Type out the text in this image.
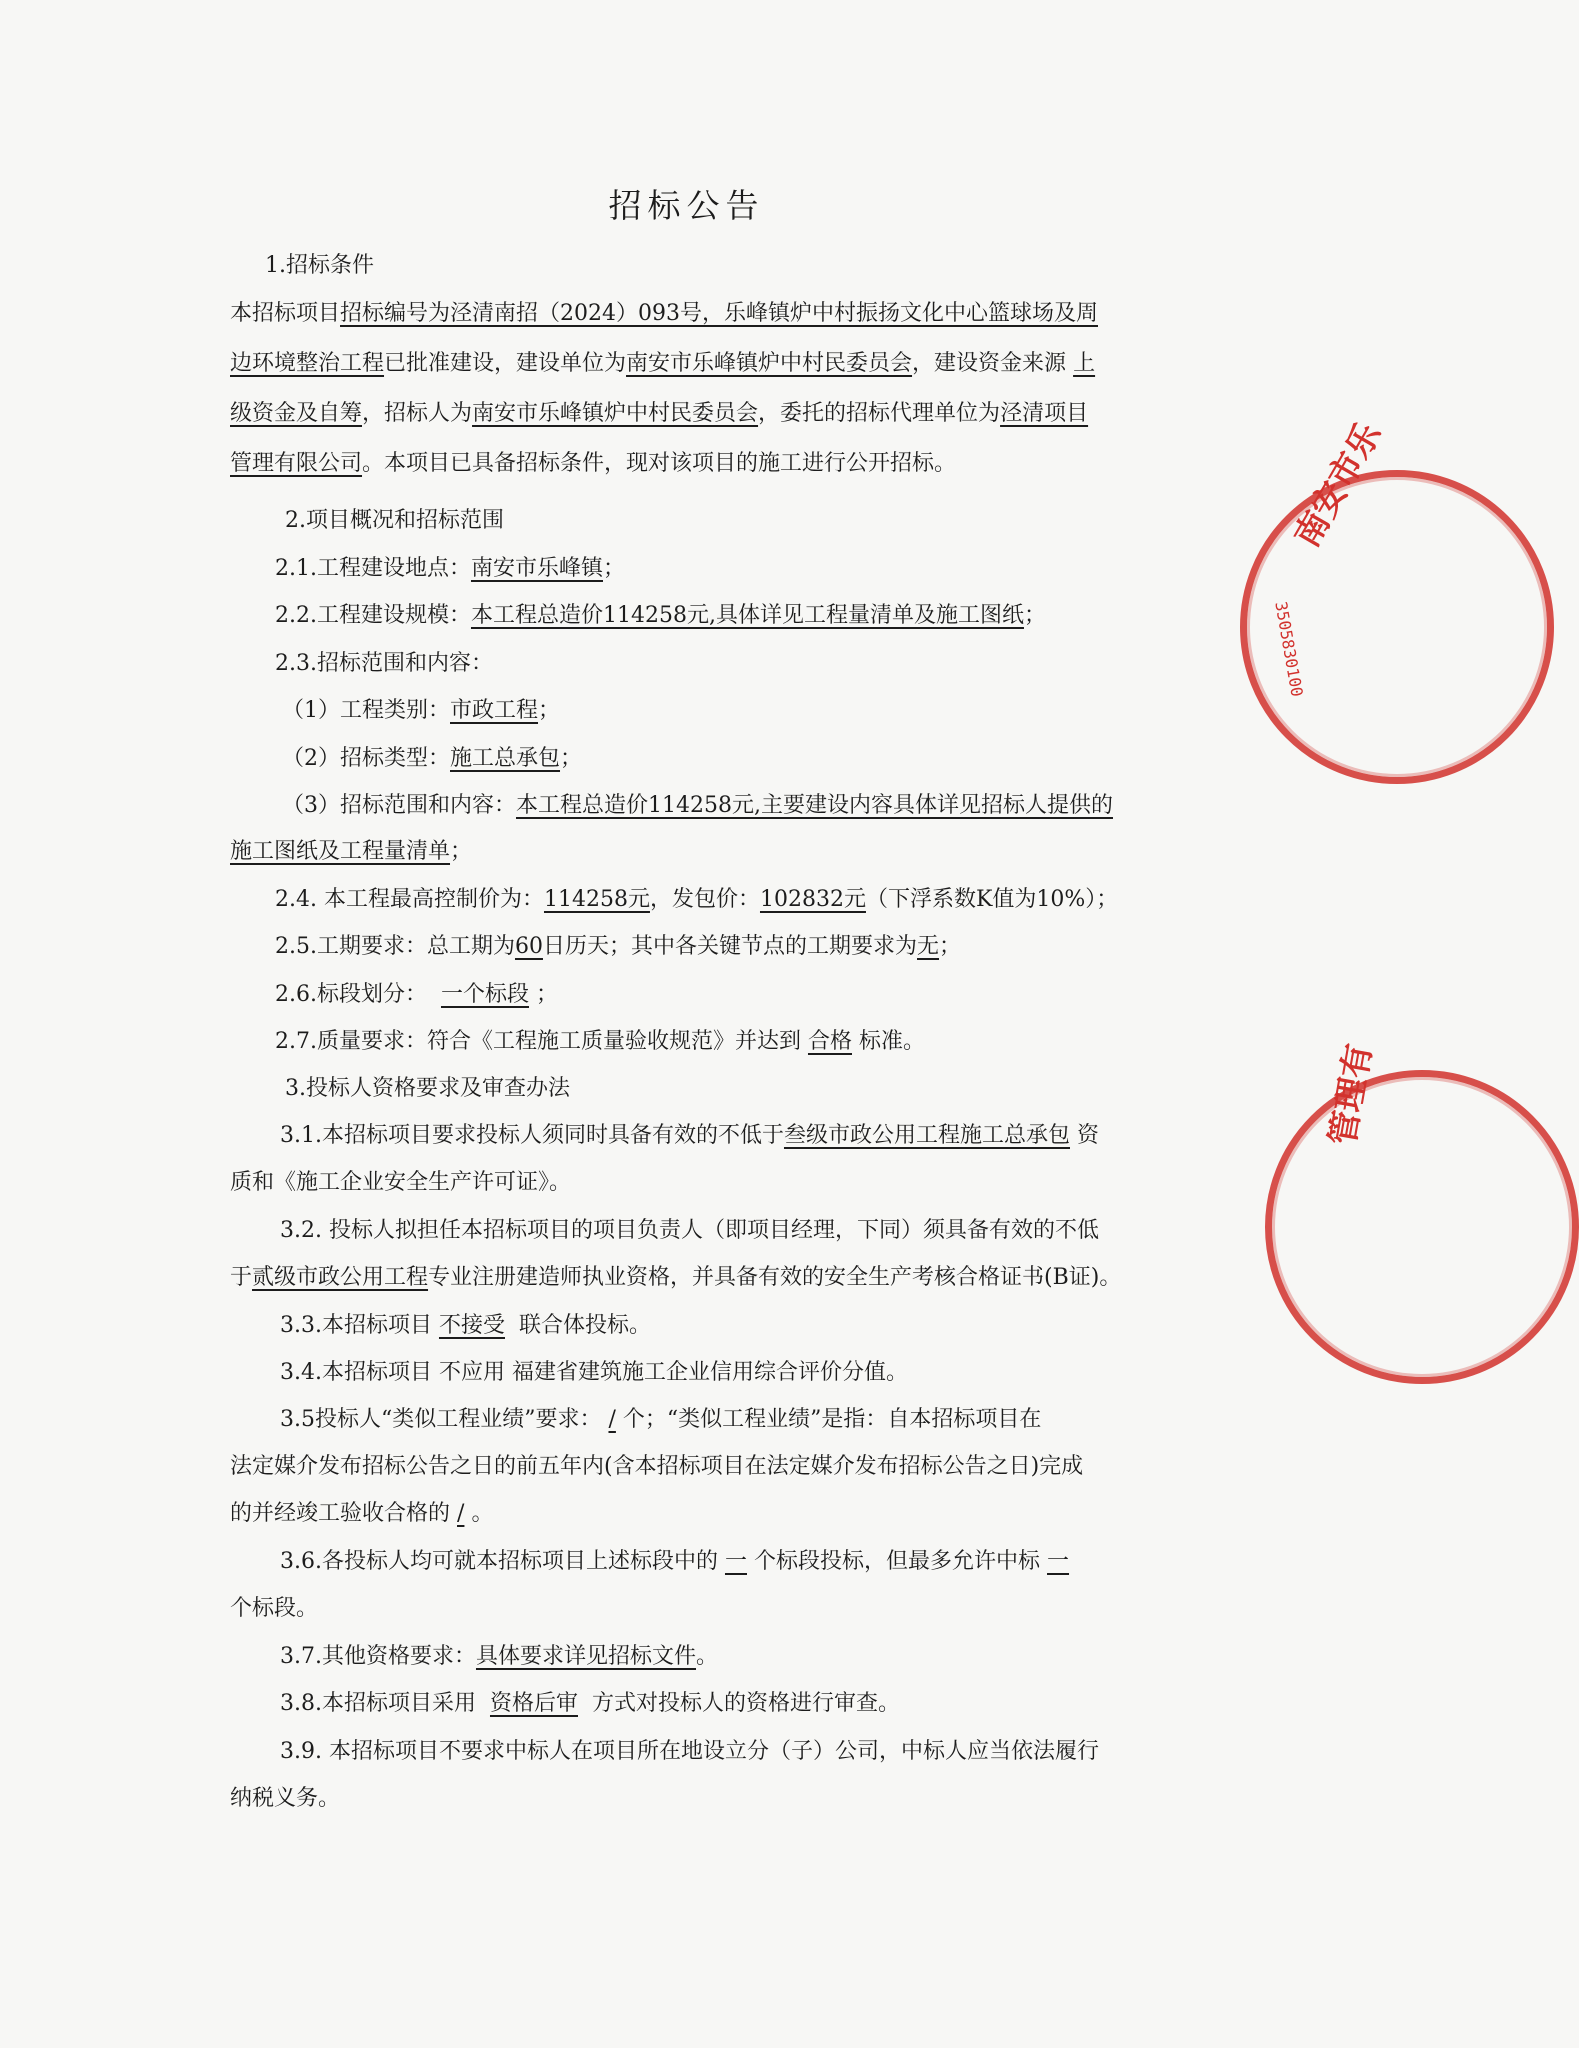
招标公告
1.招标条件
本招标项目招标编号为泾清南招（2024）093号，乐峰镇炉中村振扬文化中心篮球场及周
边环境整治工程已批准建设，建设单位为南安市乐峰镇炉中村民委员会，建设资金来源 上
级资金及自筹，招标人为南安市乐峰镇炉中村民委员会，委托的招标代理单位为泾清项目
管理有限公司。本项目已具备招标条件，现对该项目的施工进行公开招标。
2.项目概况和招标范围
2.1.工程建设地点：南安市乐峰镇；
2.2.工程建设规模：本工程总造价114258元,具体详见工程量清单及施工图纸；
2.3.招标范围和内容：
（1）工程类别：市政工程；
（2）招标类型：施工总承包；
（3）招标范围和内容：本工程总造价114258元,主要建设内容具体详见招标人提供的
施工图纸及工程量清单；
2.4. 本工程最高控制价为：114258元，发包价：102832元（下浮系数K值为10%）；
2.5.工期要求：总工期为60日历天；其中各关键节点的工期要求为无；
2.6.标段划分： 一个标段 ；
2.7.质量要求：符合《工程施工质量验收规范》并达到 合格 标准。
3.投标人资格要求及审查办法
3.1.本招标项目要求投标人须同时具备有效的不低于叁级市政公用工程施工总承包 资
质和《施工企业安全生产许可证》。
3.2. 投标人拟担任本招标项目的项目负责人（即项目经理，下同）须具备有效的不低
于贰级市政公用工程专业注册建造师执业资格，并具备有效的安全生产考核合格证书(B证)。
3.3.本招标项目 不接受 联合体投标。
3.4.本招标项目 不应用 福建省建筑施工企业信用综合评价分值。
3.5投标人“类似工程业绩”要求： / 个；“类似工程业绩”是指：自本招标项目在
法定媒介发布招标公告之日的前五年内(含本招标项目在法定媒介发布招标公告之日)完成
的并经竣工验收合格的 / 。
3.6.各投标人均可就本招标项目上述标段中的 一 个标段投标，但最多允许中标 一
个标段。
3.7.其他资格要求：具体要求详见招标文件。
3.8.本招标项目采用 资格后审 方式对投标人的资格进行审查。
3.9. 本招标项目不要求中标人在项目所在地设立分（子）公司，中标人应当依法履行
纳税义务。
南安市乐
3505830100
管理有
